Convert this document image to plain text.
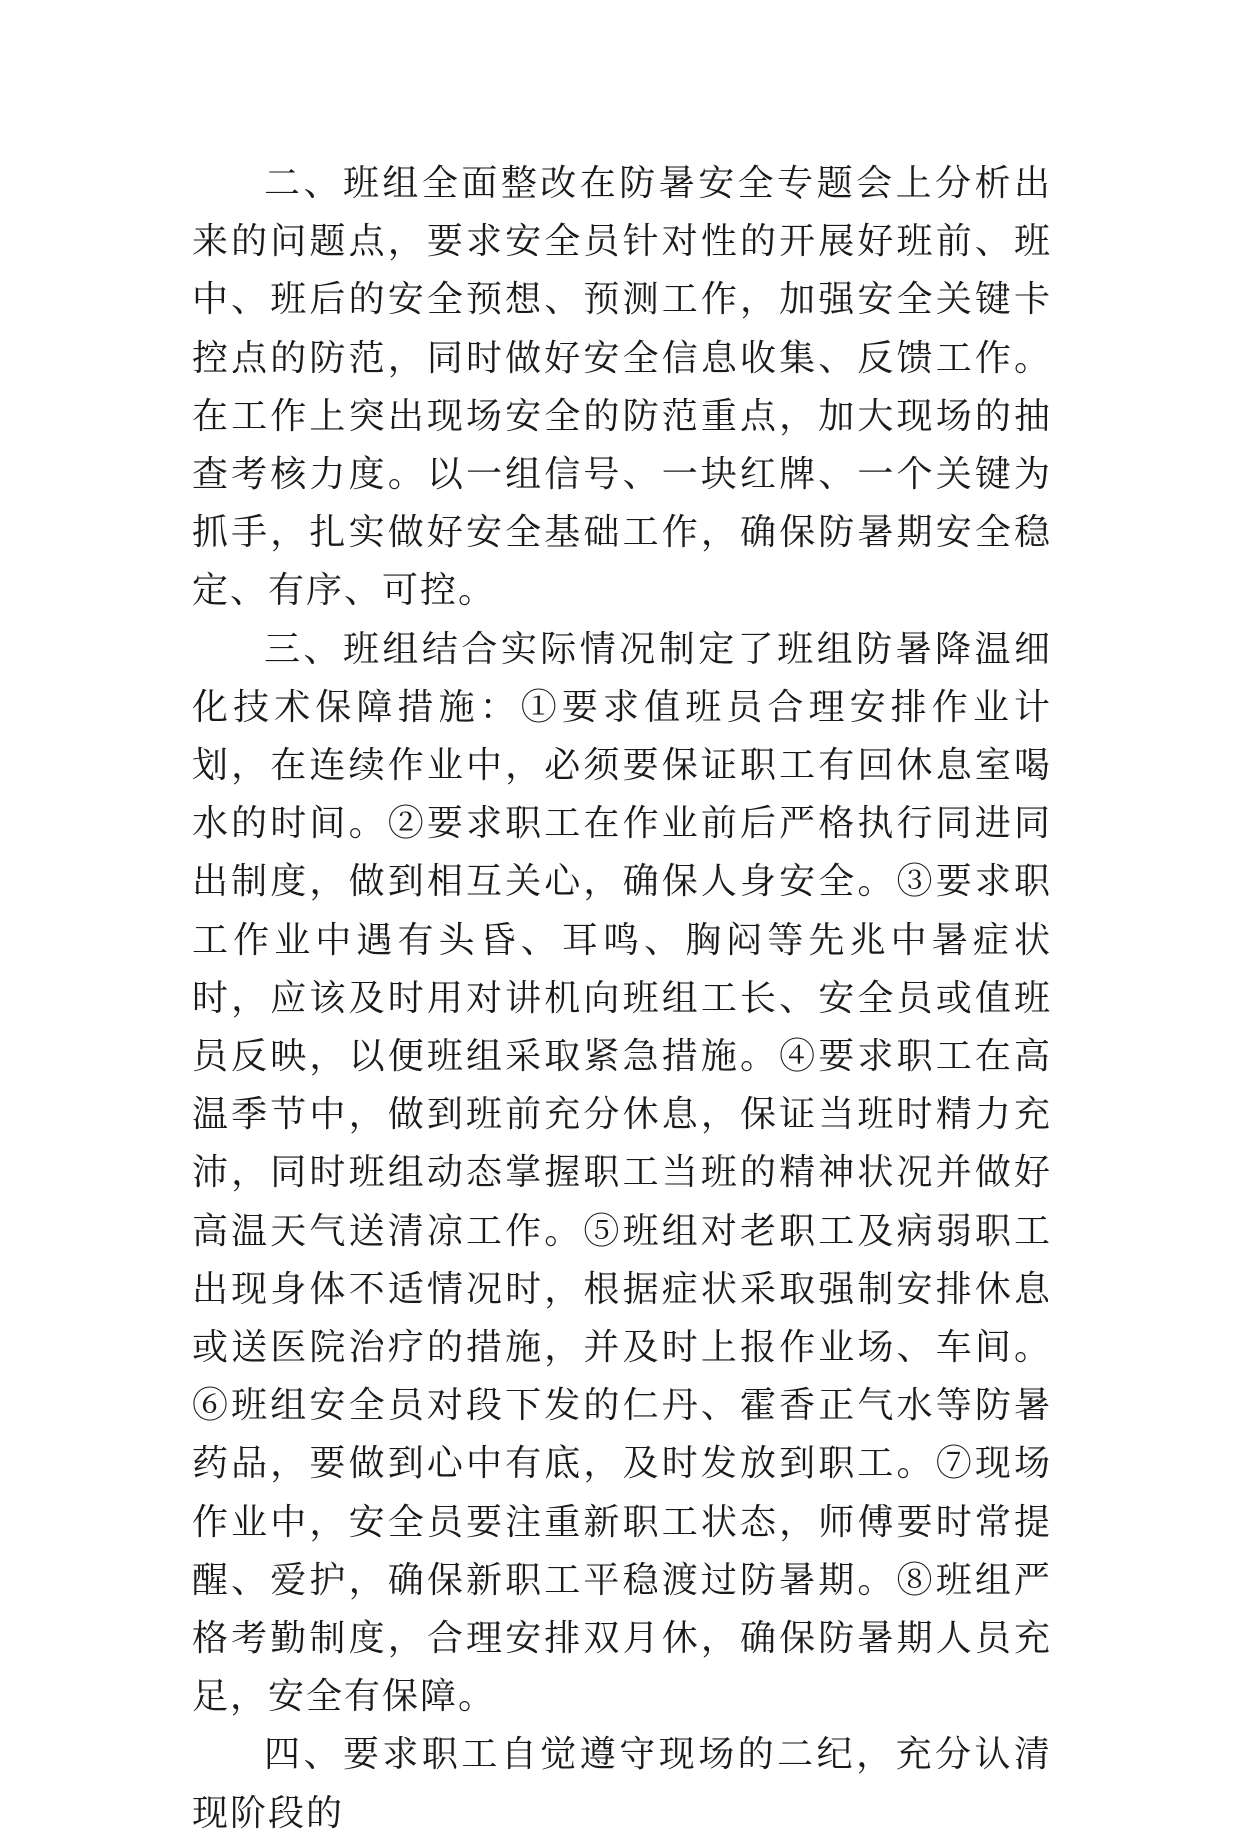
二、班组全面整改在防暑安全专题会上分析出来的问题点，要求安全员针对性的开展好班前、班中、班后的安全预想、预测工作，加强安全关键卡控点的防范，同时做好安全信息收集、反馈工作。在工作上突出现场安全的防范重点，加大现场的抽查考核力度。以一组信号、一块红牌、一个关键为抓手，扎实做好安全基础工作，确保防暑期安全稳定、有序、可控。

三、班组结合实际情况制定了班组防暑降温细化技术保障措施：①要求值班员合理安排作业计划，在连续作业中，必须要保证职工有回休息室喝水的时间。②要求职工在作业前后严格执行同进同出制度，做到相互关心，确保人身安全。③要求职工作业中遇有头昏、耳鸣、胸闷等先兆中暑症状时，应该及时用对讲机向班组工长、安全员或值班员反映，以便班组采取紧急措施。④要求职工在高温季节中，做到班前充分休息，保证当班时精力充沛，同时班组动态掌握职工当班的精神状况并做好高温天气送清凉工作。⑤班组对老职工及病弱职工出现身体不适情况时，根据症状采取强制安排休息或送医院治疗的措施，并及时上报作业场、车间。⑥班组安全员对段下发的仁丹、霍香正气水等防暑药品，要做到心中有底，及时发放到职工。⑦现场作业中，安全员要注重新职工状态，师傅要时常提醒、爱护，确保新职工平稳渡过防暑期。⑧班组严格考勤制度，合理安排双月休，确保防暑期人员充足，安全有保障。

四、要求职工自觉遵守现场的二纪，充分认清现阶段的
